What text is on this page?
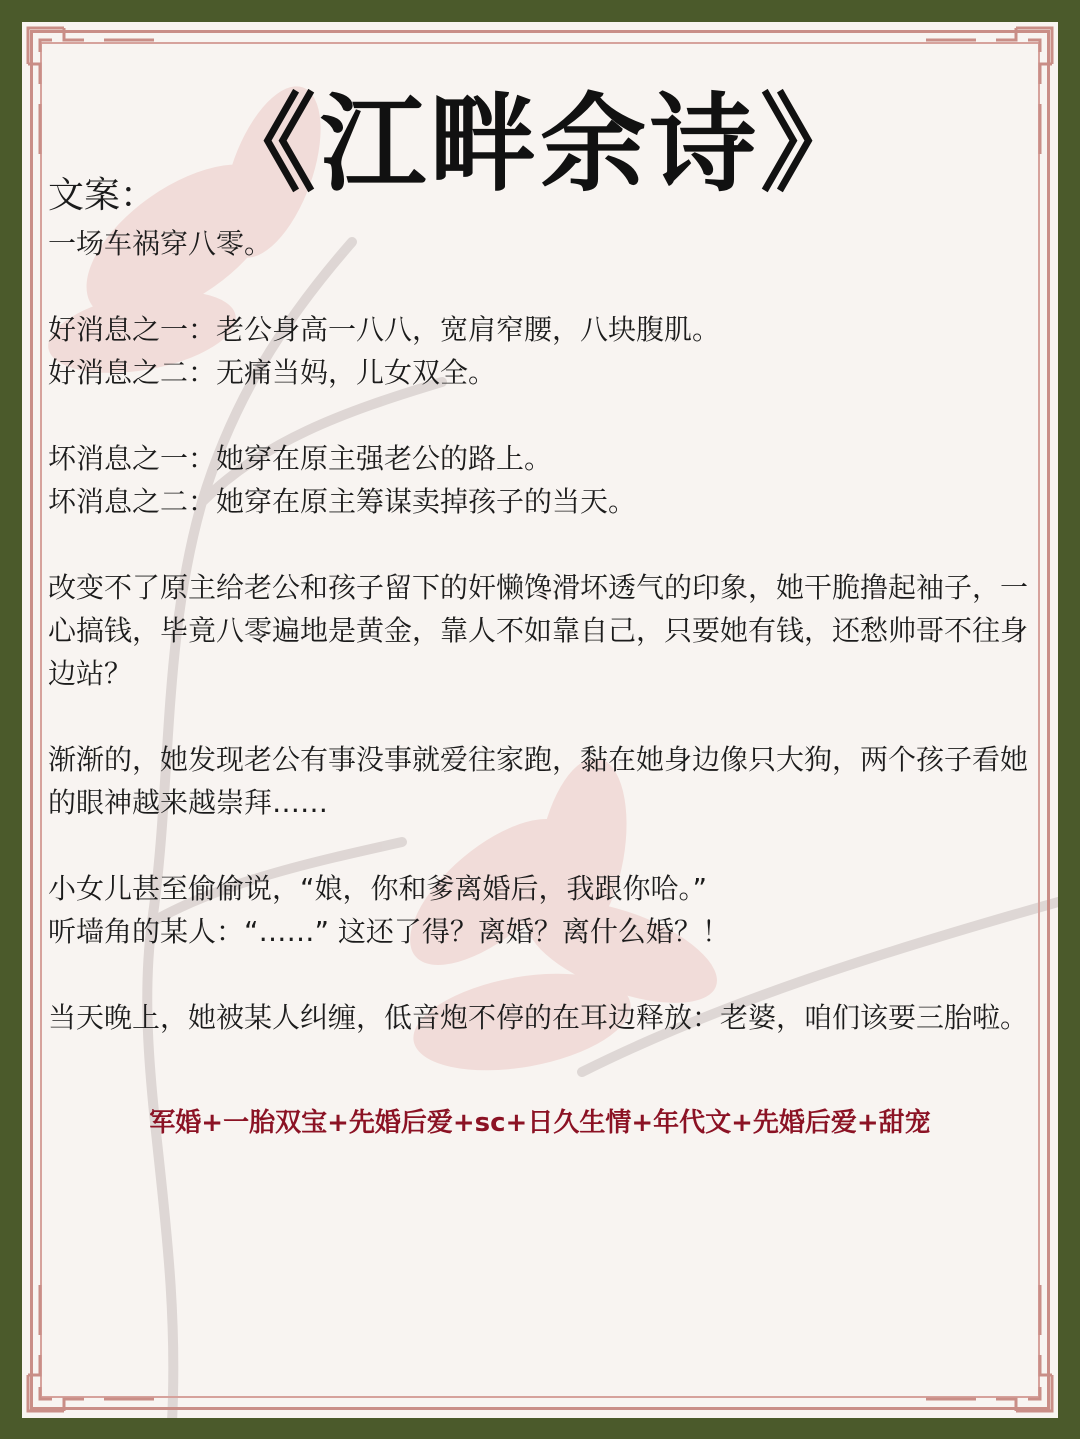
《江畔余诗》
文案：

一场车祸穿八零。

好消息之一：老公身高一八八，宽肩窄腰，八块腹肌。

好消息之二：无痛当妈，儿女双全。

坏消息之一：她穿在原主强老公的路上。

坏消息之二：她穿在原主筹谋卖掉孩子的当天。

改变不了原主给老公和孩子留下的奸懒馋滑坏透气的印象，她干脆撸起袖子，一心搞钱，毕竟八零遍地是黄金，靠人不如靠自己，只要她有钱，还愁帅哥不往身边站？

渐渐的，她发现老公有事没事就爱往家跑，黏在她身边像只大狗，两个孩子看她的眼神越来越崇拜……

小女儿甚至偷偷说，“娘，你和爹离婚后，我跟你哈。”

听墙角的某人：“……” 这还了得？离婚？离什么婚？！

当天晚上，她被某人纠缠，低音炮不停的在耳边释放：老婆，咱们该要三胎啦。

军婚+一胎双宝+先婚后爱+sc+日久生情+年代文+先婚后爱+甜宠
